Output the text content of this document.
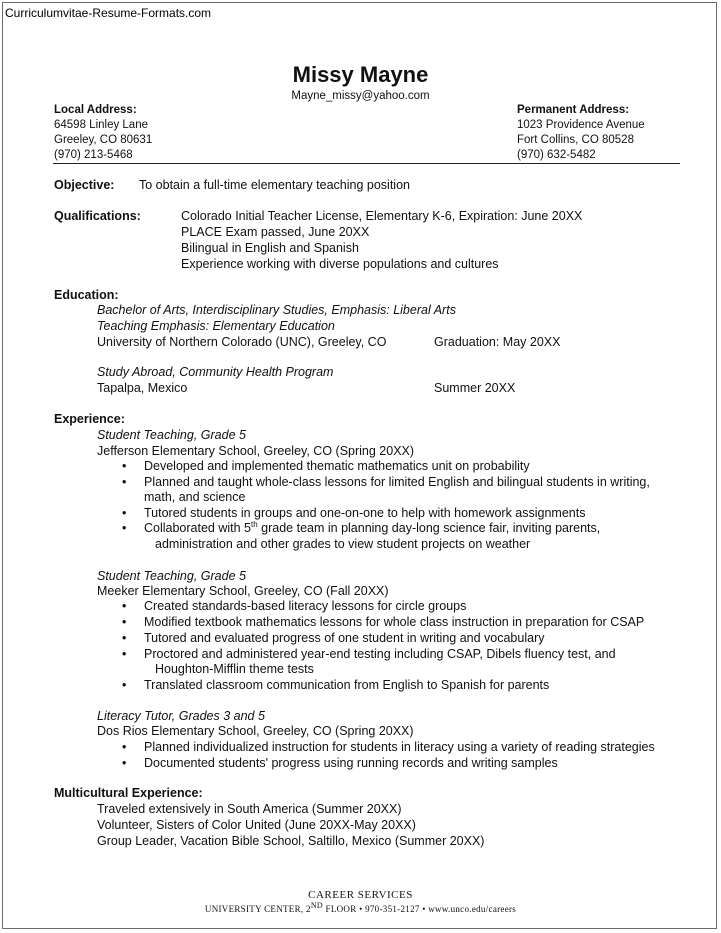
Curriculumvitae-Resume-Formats.com
Missy Mayne
Mayne_missy@yahoo.com
Local Address:
64598 Linley Lane
Greeley, CO 80631
(970) 213-5468
Permanent Address:
1023 Providence Avenue
Fort Collins, CO 80528
(970) 632-5482
Objective: To obtain a full-time elementary teaching position
Qualifications:	Colorado Initial Teacher License, Elementary K-6, Expiration: June 20XX
PLACE Exam passed, June 20XX
Bilingual in English and Spanish
Experience working with diverse populations and cultures
Education:
Bachelor of Arts, Interdisciplinary Studies, Emphasis: Liberal Arts
Teaching Emphasis: Elementary Education
University of Northern Colorado (UNC), Greeley, CO	Graduation: May 20XX
Study Abroad, Community Health Program
Tapalpa, Mexico	Summer 20XX
Experience:
Student Teaching, Grade 5
Jefferson Elementary School, Greeley, CO (Spring 20XX)
• Developed and implemented thematic mathematics unit on probability
• Planned and taught whole-class lessons for limited English and bilingual students in writing,
• Tutored students in groups and one-on-one to help with homework assignments
• Collaborated with 5th grade team in planning day-long science fair, inviting parents,
math, and science
administration and other grades to view student projects on weather
Student Teaching, Grade 5
Meeker Elementary School, Greeley, CO (Fall 20XX)
• Created standards-based literacy lessons for circle groups
• Modified textbook mathematics lessons for whole class instruction in preparation for CSAP
• Tutored and evaluated progress of one student in writing and vocabulary
• Proctored and administered year-end testing including CSAP, Dibels fluency test, and
• Translated classroom communication from English to Spanish for parents
Houghton-Mifflin theme tests
Literacy Tutor, Grades 3 and 5
Dos Rios Elementary School, Greeley, CO (Spring 20XX)
• Planned individualized instruction for students in literacy using a variety of reading strategies
• Documented students' progress using running records and writing samples
Multicultural Experience:
Traveled extensively in South America (Summer 20XX)
Volunteer, Sisters of Color United (June 20XX-May 20XX)
Group Leader, Vacation Bible School, Saltillo, Mexico (Summer 20XX)
CAREER SERVICES
UNIVERSITY CENTER, 2ND FLOOR • 970-351-2127 • www.unco.edu/careers
